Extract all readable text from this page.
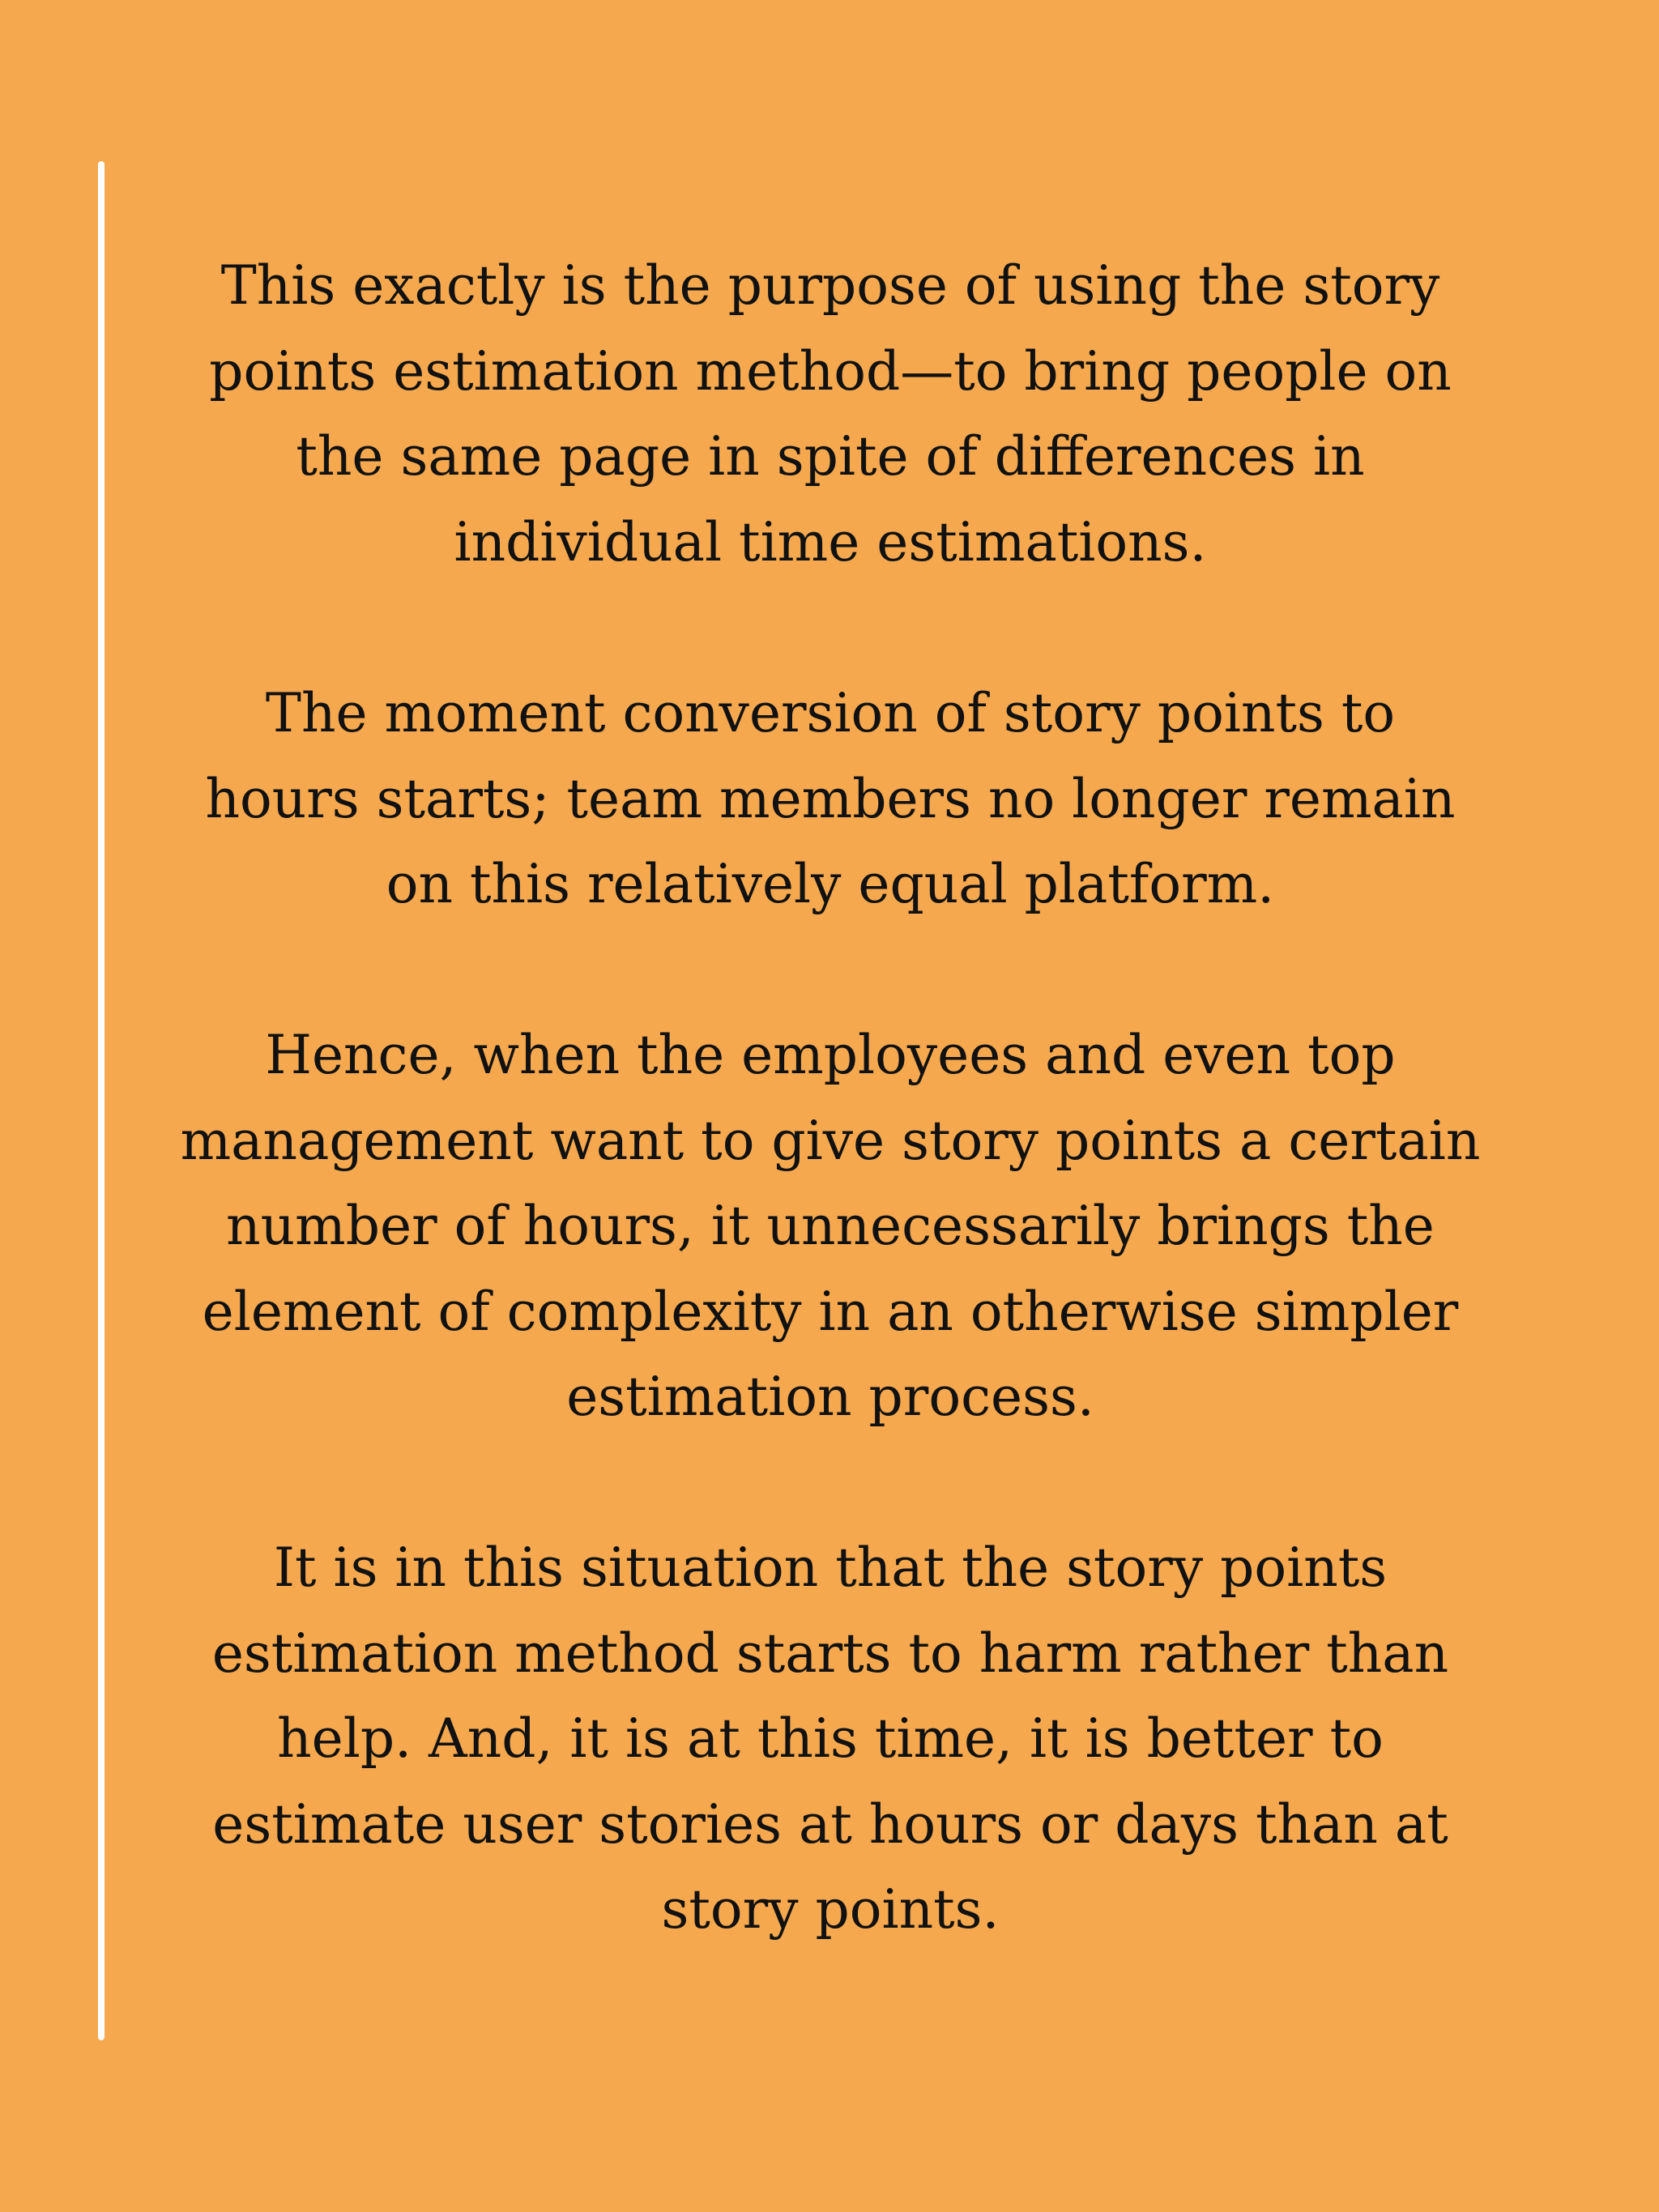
This exactly is the purpose of using the story
points estimation method—to bring people on
the same page in spite of differences in
individual time estimations.

The moment conversion of story points to
hours starts; team members no longer remain
on this relatively equal platform.

Hence, when the employees and even top
management want to give story points a certain
number of hours, it unnecessarily brings the
element of complexity in an otherwise simpler
estimation process.

It is in this situation that the story points
estimation method starts to harm rather than
help. And, it is at this time, it is better to
estimate user stories at hours or days than at
story points.
